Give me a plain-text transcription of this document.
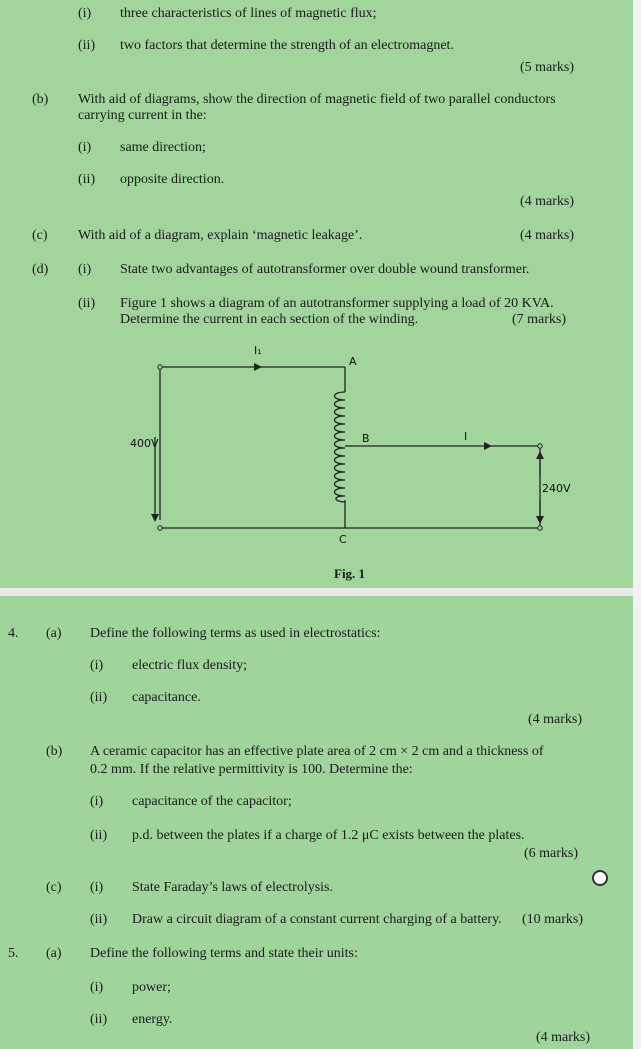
(i) three characteristics of lines of magnetic flux;
(ii) two factors that determine the strength of an electromagnet.
(5 marks)
(b) With aid of diagrams, show the direction of magnetic field of two parallel conductors
carrying current in the:
(i) same direction;
(ii) opposite direction.
(4 marks)
(c) With aid of a diagram, explain ‘magnetic leakage’.	(4 marks)
(d) (i) State two advantages of autotransformer over double wound transformer.
(ii) Figure 1 shows a diagram of an autotransformer supplying a load of 20 KVA.
Determine the current in each section of the winding.	(7 marks)
I₁
A
B	I
400V
240V
C
Fig. 1
4. (a) Define the following terms as used in electrostatics:
(i) electric flux density;
(ii) capacitance.
(4 marks)
(b) A ceramic capacitor has an effective plate area of 2 cm × 2 cm and a thickness of
0.2 mm. If the relative permittivity is 100. Determine the:
(i) capacitance of the capacitor;
(ii) p.d. between the plates if a charge of 1.2 μC exists between the plates.
(6 marks)
(c) (i) State Faraday’s laws of electrolysis.
(ii) Draw a circuit diagram of a constant current charging of a battery. (10 marks)
5. (a) Define the following terms and state their units:
(i) power;
(ii) energy.
(4 marks)
